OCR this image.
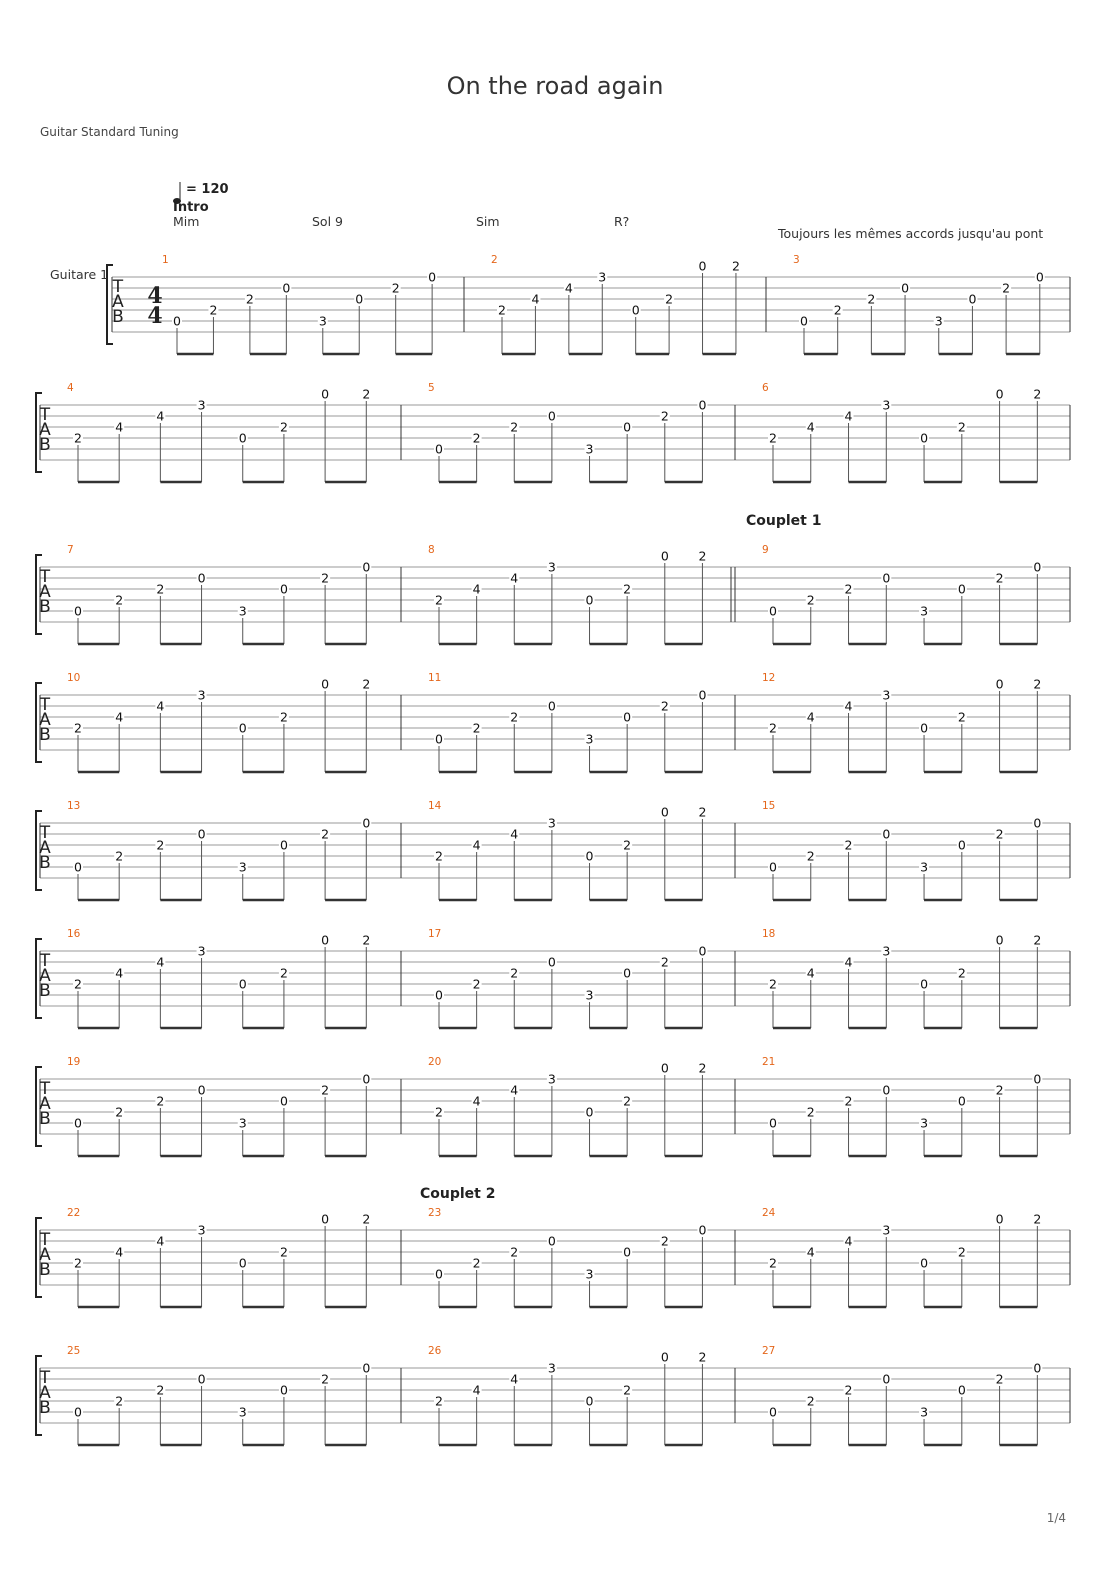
On the road again
Guitar Standard Tuning
1/4
T
A
B
1
0
2
2
0
3
0
2
0
2
2
4
4
3
0
2
0 2	3
0
2
2
0
3
0
2
0
T
A
B
4
2
4
4
3
0
2
0	2	5
0
2
2
0
3
0
2
0
6
2
4
4
3
0
2
0 2
T
A
B
7
0
2
2
0
3
0
2
0
8
2
4
4
3
0
2
0 2	9
0
2
2
0
3
0
2
0
T
A
B
10
2
4
4
3
0
2
0	2	11
0
2
2
0
3
0
2
0
12
2
4
4
3
0
2
0 2
T
A
B
13
0
2
2
0
3
0
2
0
14
2
4
4
3
0
2
0 2	15
0
2
2
0
3
0
2
0
T
A
B
16
2
4
4
3
0
2
0	2	17
0
2
2
0
3
0
2
0
18
2
4
4
3
0
2
0 2
T
A
B
19
0
2
2
0
3
0
2
0
20
2
4
4
3
0
2
0 2	21
0
2
2
0
3
0
2
0
T
A
B
22
2
4
4
3
0
2
0	2	23
0
2
2
0
3
0
2
0
24
2
4
4
3
0
2
0 2
T
A
B
25
0
2
2
0
3
0
2
0
26
2
4
4
3
0
2
0 2	27
0
2
2
0
3
0
2
0
4
4
Guitare 1
= 120
Intro
Mim	Sol 9	Sim	R?
Toujours les mêmes accords jusqu'au pont
Couplet 1
Couplet 2
